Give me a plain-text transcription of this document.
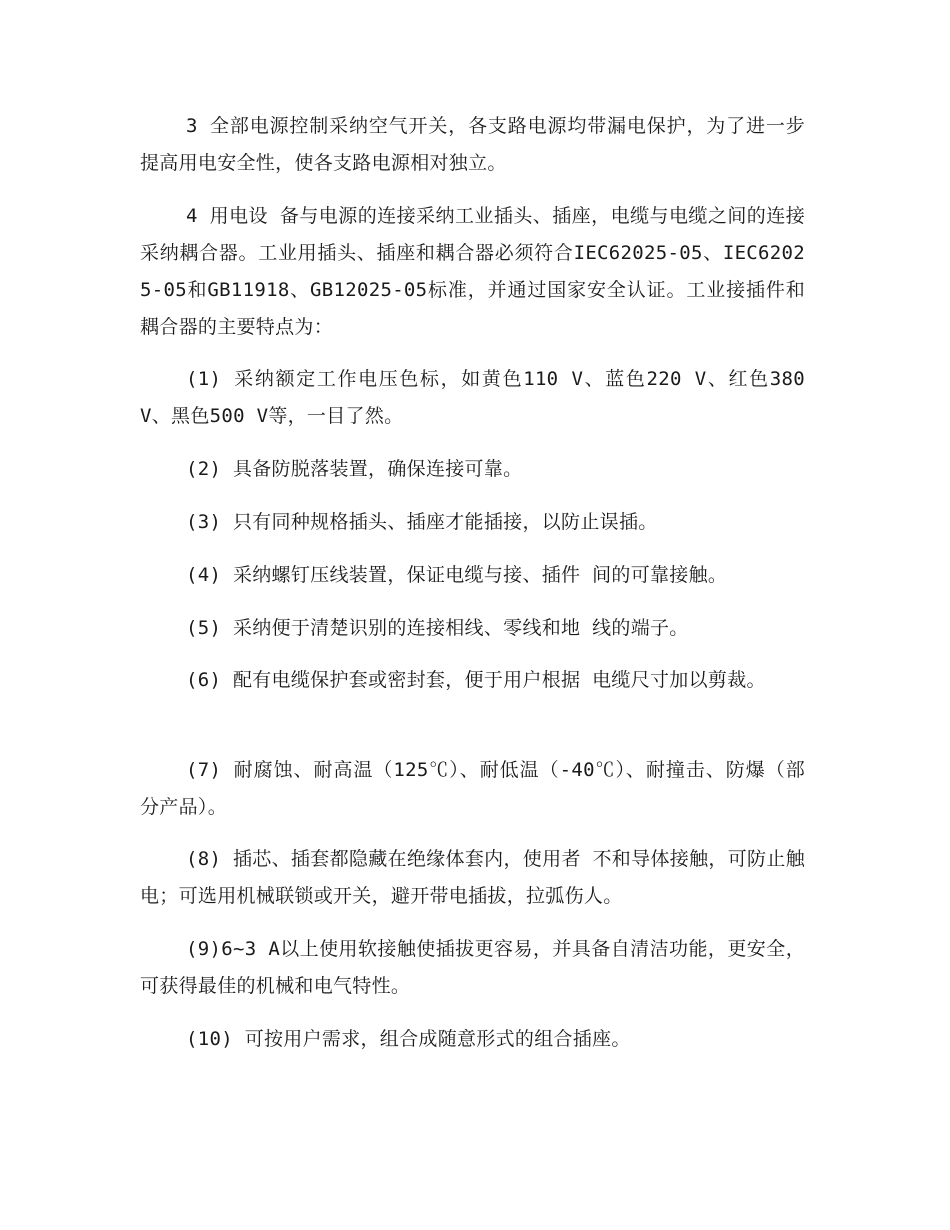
3 全部电源控制采纳空气开关，各支路电源均带漏电保护，为了进一步提高用电安全性，使各支路电源相对独立。

4 用电设 备与电源的连接采纳工业插头、插座，电缆与电缆之间的连接采纳耦合器。工业用插头、插座和耦合器必须符合IEC62025-05、IEC62025-05和GB11918、GB12025-05标准，并通过国家安全认证。工业接插件和耦合器的主要特点为：

(1) 采纳额定工作电压色标，如黄色110 V、蓝色220 V、红色380 V、黑色500 V等，一目了然。

(2) 具备防脱落装置，确保连接可靠。

(3) 只有同种规格插头、插座才能插接，以防止误插。

(4) 采纳螺钉压线装置，保证电缆与接、插件 间的可靠接触。

(5) 采纳便于清楚识别的连接相线、零线和地 线的端子。

(6) 配有电缆保护套或密封套，便于用户根据 电缆尺寸加以剪裁。

(7) 耐腐蚀、耐高温（125℃）、耐低温（-40℃）、耐撞击、防爆（部分产品）。

(8) 插芯、插套都隐藏在绝缘体套内，使用者 不和导体接触，可防止触电；可选用机械联锁或开关，避开带电插拔，拉弧伤人。

(9)6~3 A以上使用软接触使插拔更容易，并具备自清洁功能，更安全，可获得最佳的机械和电气特性。

(10) 可按用户需求，组合成随意形式的组合插座。
